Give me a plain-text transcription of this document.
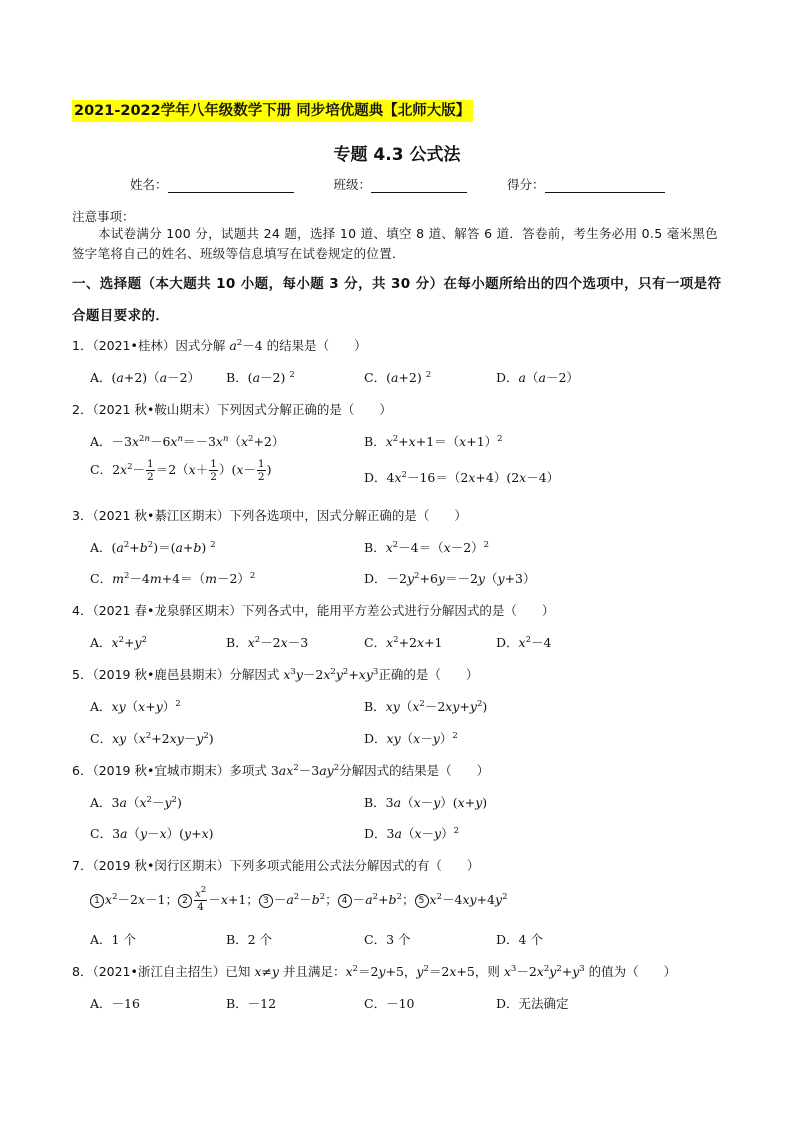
2021-2022学年八年级数学下册 同步培优题典【北师大版】
专题 4.3 公式法
姓名：	班级：	得分：
注意事项：
本试卷满分 100 分，试题共 24 题，选择 10 道、填空 8 道、解答 6 道．答卷前，考生务必用 0.5 毫米黑色签字笔将自己的姓名、班级等信息填写在试卷规定的位置．
一、选择题（本大题共 10 小题，每小题 3 分，共 30 分）在每小题所给出的四个选项中，只有一项是符合题目要求的．
1．（2021•桂林）因式分解 $a^2-4$ 的结果是（　　）
A．(a+2)（a－2） B．(a－2) $^2$	C．(a+2) $^2$	D．a（a－2）
2．（2021 秋•鞍山期末）下列因式分解正确的是（　　）
A．$-3x^{2n}-6x^n=-3x^n(x^2+2)$	B．$x^2+x+1=(x+1)^2$
C．$2x^2- \frac{1}{2} =2(x+ \frac{1}{2} )(x- \frac{1}{2}$ )
D．$4x^2-16=(2x+4)(2x-4)$
3．（2021 秋•綦江区期末）下列各选项中，因式分解正确的是（　　）
A．$(a^2+b^2)=(a+b)$ $^2$	B．$x^2-4=(x-2)^2$
C．$m^2-4m+4=(m-2)^2$	D．$-2y^2+6y=-2y(y+3)$
4．（2021 春•龙泉驿区期末）下列各式中，能用平方差公式进行分解因式的是（　　）
A．$x^2+y^2$	B．$x^2-2x-3$	C．$x^2+2x+1$	D．$x^2-4$
5．（2019 秋•鹿邑县期末）分解因式 $x^3y-2x^2y^2+xy^3$正确的是（　　）
A．$xy(x+y)^2$	B．$xy(x^2-2xy+y^2)$
C．$xy(x^2+2xy-y^2)$	D．$xy(x-y)^2$
6．（2019 秋•宜城市期末）多项式 $3ax^2-3ay^2$分解因式的结果是（　　）
A．$3a(x^2-y^2)$	B．3a（x－y）(x+y)
C．3a（y－x）(y+x)	D．$3a(x-y)^2$
7．（2019 秋•闵行区期末）下列多项式能用公式法分解因式的有（　　）
1 $x^2-2x-1$； $2 \frac{x^2}{4} -x+1$； $3 -a^2-b^2$； $4 -a^2+b^2$； 5 $x^2-4xy+4y^2$
A．1 个	B．2 个	C．3 个	D．4 个
8．（2021•浙江自主招生）已知 x≠y 并且满足：$x^2=2y+5$，$y^2=2x+5$，则 $x^3-2x^2y^2+y^3$ 的值为（　　）
A．－16	B．－12	C．－10	D．无法确定
